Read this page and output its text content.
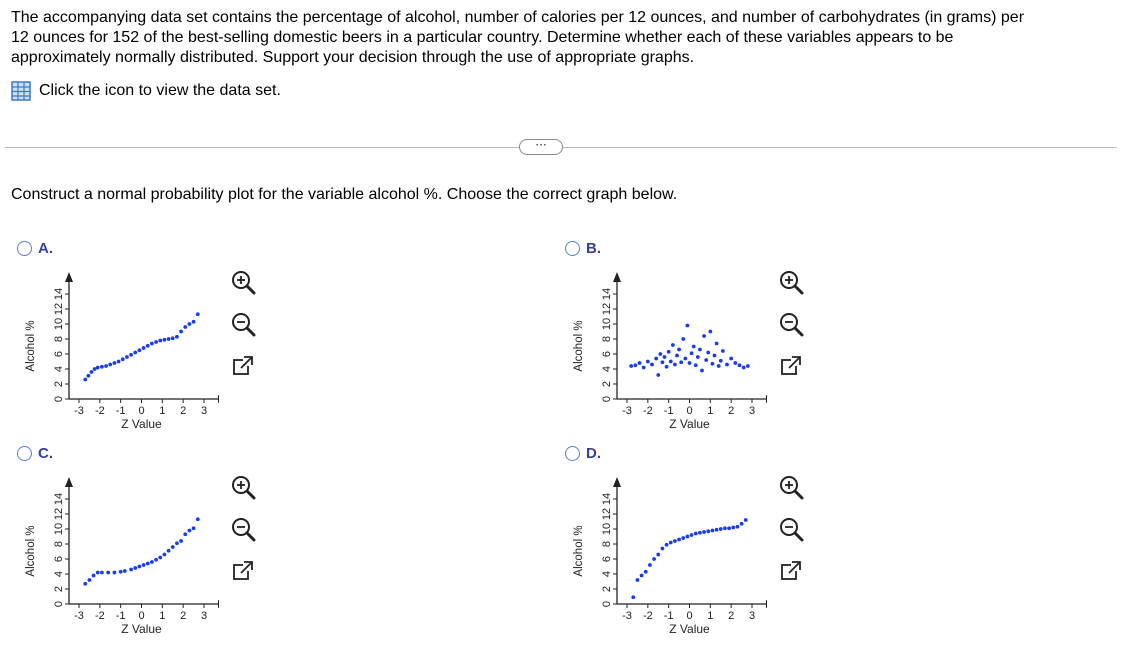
The accompanying data set contains the percentage of alcohol, number of calories per 12 ounces, and number of carbohydrates (in grams) per
12 ounces for 152 of the best-selling domestic beers in a particular country. Determine whether each of these variables appears to be
approximately normally distributed. Support your decision through the use of appropriate graphs.
Click the icon to view the data set.
···
Construct a normal probability plot for the variable alcohol %. Choose the correct graph below.
A.
Alcohol %
14
12
10
8
6
4
2
0
-3 -2 -1 0 1 2 3
Z Value
B.
Alcohol %
14
12
10
8
6
4
2
0
-3 -2 -1 0 1 2 3
Z Value
C.
Alcohol %
14
12
10
8
6
4
2
0
-3 -2 -1 0 1 2 3
Z Value
D.
Alcohol %
14
12
10
8
6
4
2
0
-3 -2 -1 0 1 2 3
Z Value
